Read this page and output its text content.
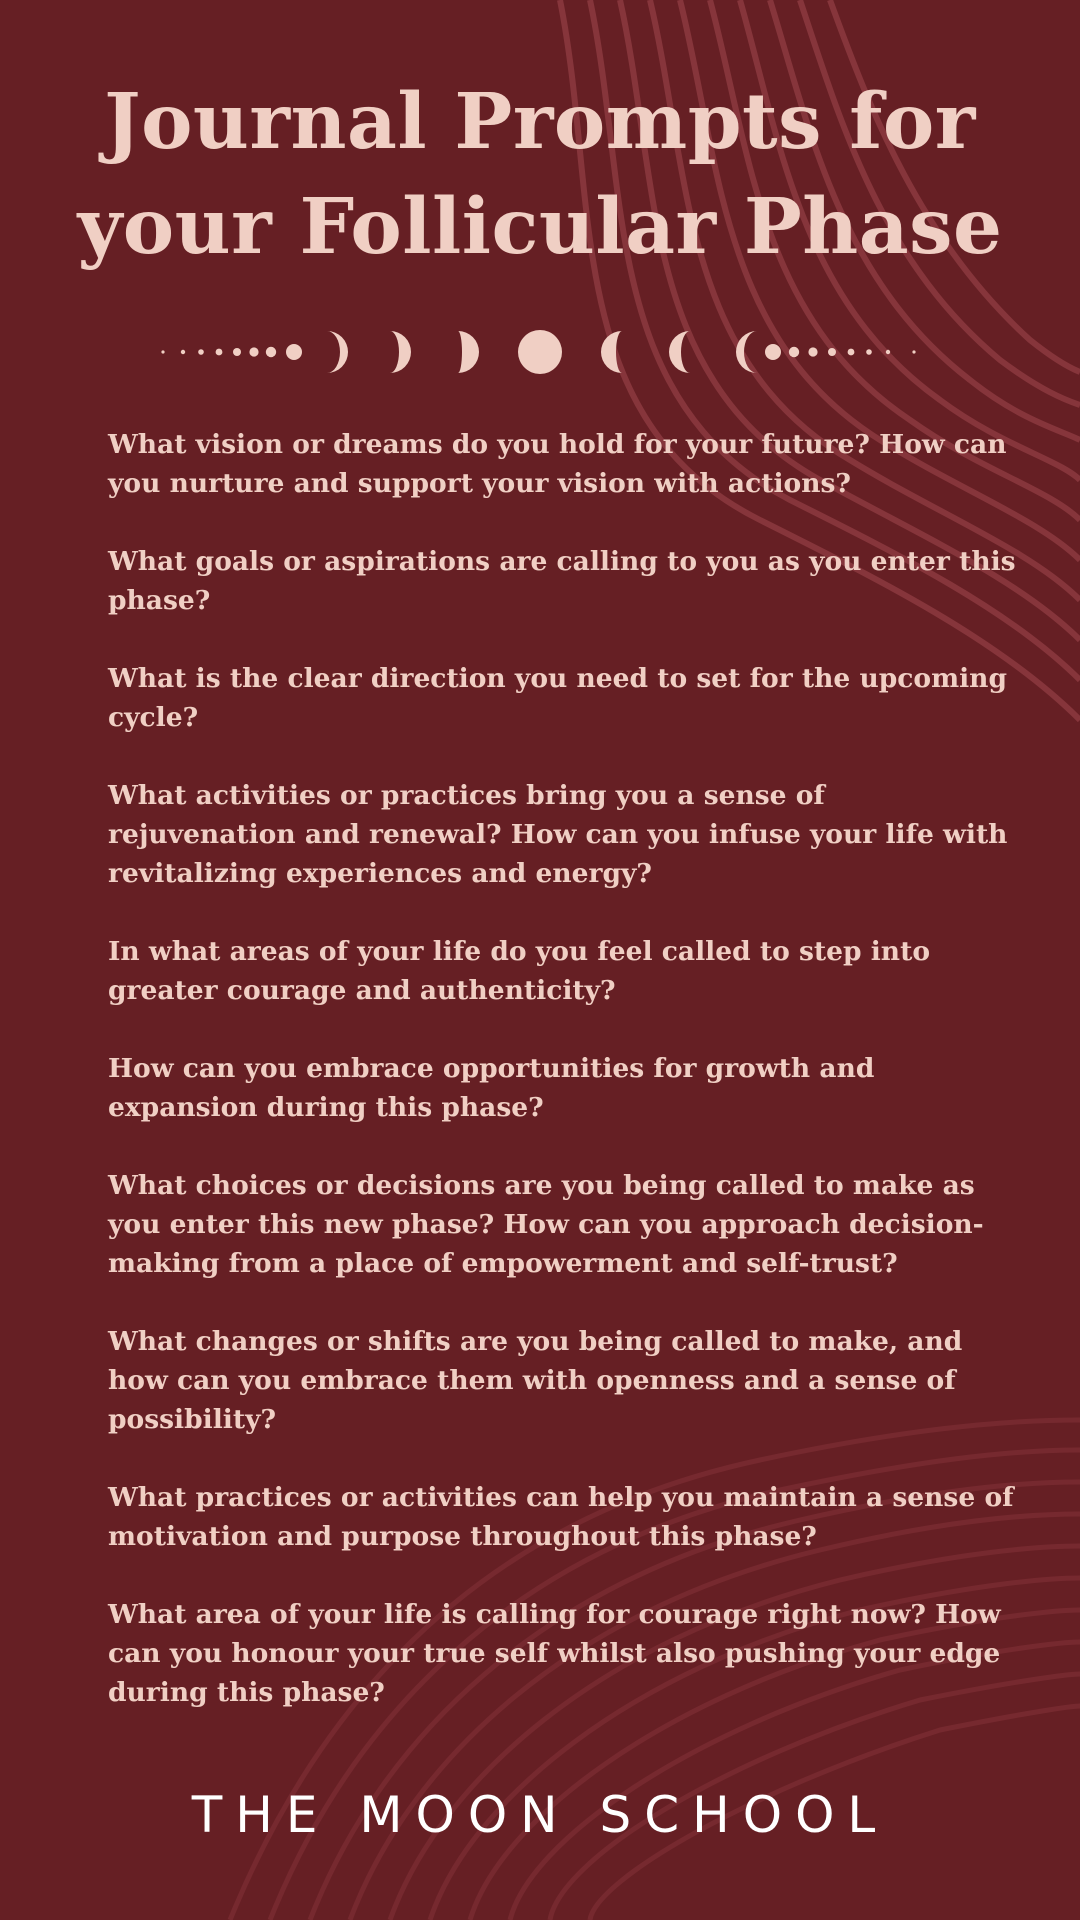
Journal Prompts for
your Follicular Phase

What vision or dreams do you hold for your future? How can you nurture and support your vision with actions?

What goals or aspirations are calling to you as you enter this phase?

What is the clear direction you need to set for the upcoming cycle?

What activities or practices bring you a sense of rejuvenation and renewal? How can you infuse your life with revitalizing experiences and energy?

In what areas of your life do you feel called to step into greater courage and authenticity?

How can you embrace opportunities for growth and expansion during this phase?

What choices or decisions are you being called to make as you enter this new phase? How can you approach decision-making from a place of empowerment and self-trust?

What changes or shifts are you being called to make, and how can you embrace them with openness and a sense of possibility?

What practices or activities can help you maintain a sense of motivation and purpose throughout this phase?

What area of your life is calling for courage right now? How can you honour your true self whilst also pushing your edge during this phase?

THE MOON SCHOOL
